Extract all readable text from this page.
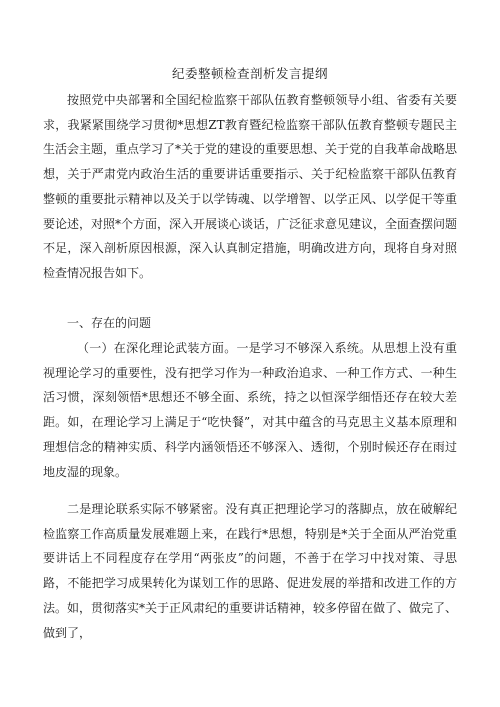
纪委整顿检查剖析发言提纲

按照党中央部署和全国纪检监察干部队伍教育整顿领导小组、省委有关要求，我紧紧围绕学习贯彻*思想ZT教育暨纪检监察干部队伍教育整顿专题民主生活会主题，重点学习了*关于党的建设的重要思想、关于党的自我革命战略思想，关于严肃党内政治生活的重要讲话重要指示、关于纪检监察干部队伍教育整顿的重要批示精神以及关于以学铸魂、以学增智、以学正风、以学促干等重要论述，对照*个方面，深入开展谈心谈话，广泛征求意见建议，全面查摆问题不足，深入剖析原因根源，深入认真制定措施，明确改进方向，现将自身对照检查情况报告如下。

一、存在的问题

（一）在深化理论武装方面。一是学习不够深入系统。从思想上没有重视理论学习的重要性，没有把学习作为一种政治追求、一种工作方式、一种生活习惯，深刻领悟*思想还不够全面、系统，持之以恒深学细悟还存在较大差距。如，在理论学习上满足于“吃快餐”，对其中蕴含的马克思主义基本原理和理想信念的精神实质、科学内涵领悟还不够深入、透彻，个别时候还存在雨过地皮湿的现象。

二是理论联系实际不够紧密。没有真正把理论学习的落脚点，放在破解纪检监察工作高质量发展难题上来，在践行*思想，特别是*关于全面从严治党重要讲话上不同程度存在学用“两张皮”的问题，不善于在学习中找对策、寻思路，不能把学习成果转化为谋划工作的思路、促进发展的举措和改进工作的方法。如，贯彻落实*关于正风肃纪的重要讲话精神，较多停留在做了、做完了、做到了，
